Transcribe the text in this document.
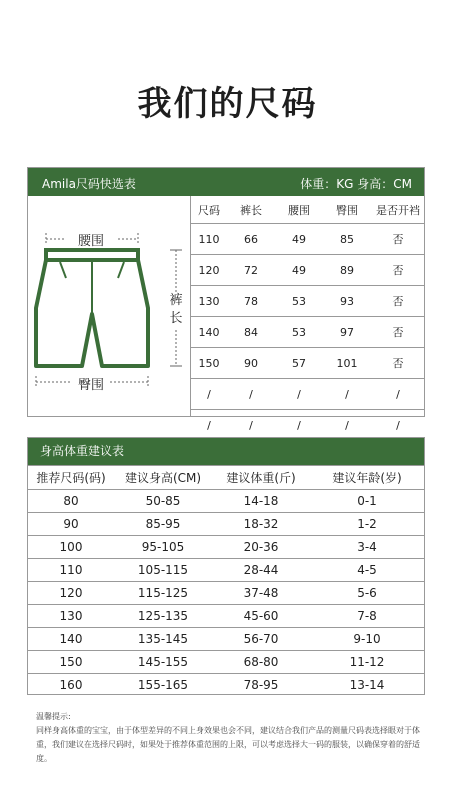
我们的尺码
Amila尺码快选表	体重：KG 身高：CM
腰围
裤长
臀围
尺码	裤长	腰围	臀围	是否开裆
110	66	49	85	否
120	72	49	89	否
130	78	53	93	否
140	84	53	97	否
150	90	57	101	否
/	/	/	/	/
/	/	/	/	/
身高体重建议表
推荐尺码(码)	建议身高(CM)	建议体重(斤)	建议年龄(岁)
80	50-85	14-18	0-1
90	85-95	18-32	1-2
100	95-105	20-36	3-4
110	105-115	28-44	4-5
120	115-125	37-48	5-6
130	125-135	45-60	7-8
140	135-145	56-70	9-10
150	145-155	68-80	11-12
160	155-165	78-95	13-14
温馨提示:
同样身高体重的宝宝，由于体型差异的不同上身效果也会不同，建议结合我们产品的测量尺码表选择眼对于体重，我们建议在选择尺码时，如果处于推荐体重范围的上限，可以考虑选择大一码的服装，以确保穿着的舒适度。
